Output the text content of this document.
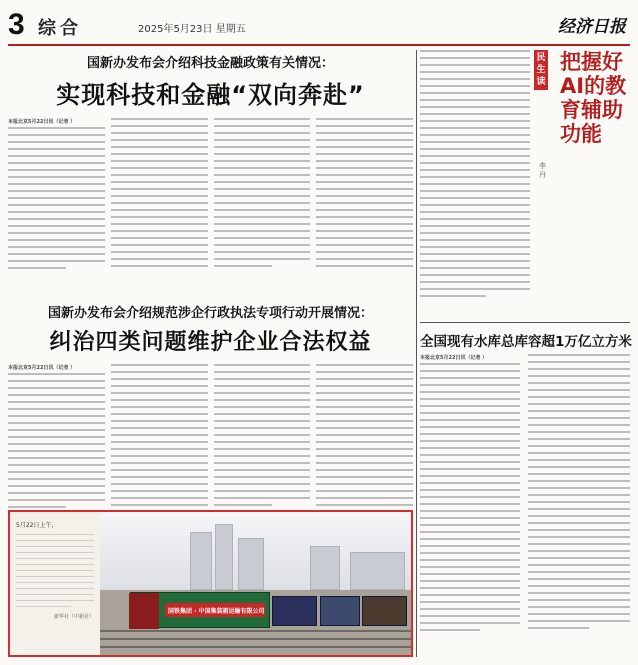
3 综合	2025年5月23日 星期五	经济日报
国新办发布会介绍科技金融政策有关情况：
实现科技和金融“双向奔赴”
本报北京5月22日讯（记者 ）
国新办发布会介绍规范涉企行政执法专项行动开展情况：
纠治四类问题维护企业合法权益
本报北京5月22日讯（记者 ）
5月22日上午，
新华社（中新社）
国铁集团 · 中国集装箱运输有限公司
民生读
李丹
把握好AI的教育辅助功能
全国现有水库总库容超1万亿立方米
本报北京5月22日讯（记者 ）
